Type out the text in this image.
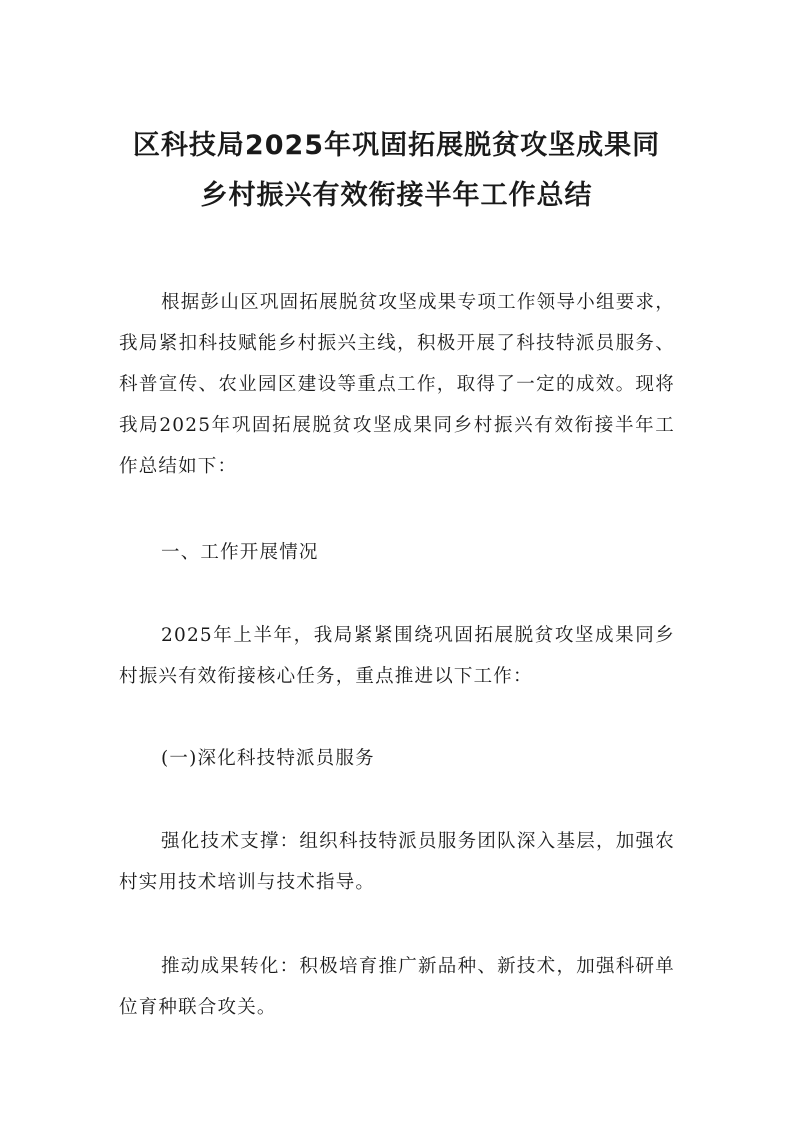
区科技局2025年巩固拓展脱贫攻坚成果同
乡村振兴有效衔接半年工作总结

根据彭山区巩固拓展脱贫攻坚成果专项工作领导小组要求，我局紧扣科技赋能乡村振兴主线，积极开展了科技特派员服务、科普宣传、农业园区建设等重点工作，取得了一定的成效。现将我局2025年巩固拓展脱贫攻坚成果同乡村振兴有效衔接半年工作总结如下：

一、工作开展情况

2025年上半年，我局紧紧围绕巩固拓展脱贫攻坚成果同乡村振兴有效衔接核心任务，重点推进以下工作：

(一)深化科技特派员服务

强化技术支撑：组织科技特派员服务团队深入基层，加强农村实用技术培训与技术指导。

推动成果转化：积极培育推广新品种、新技术，加强科研单位育种联合攻关。
